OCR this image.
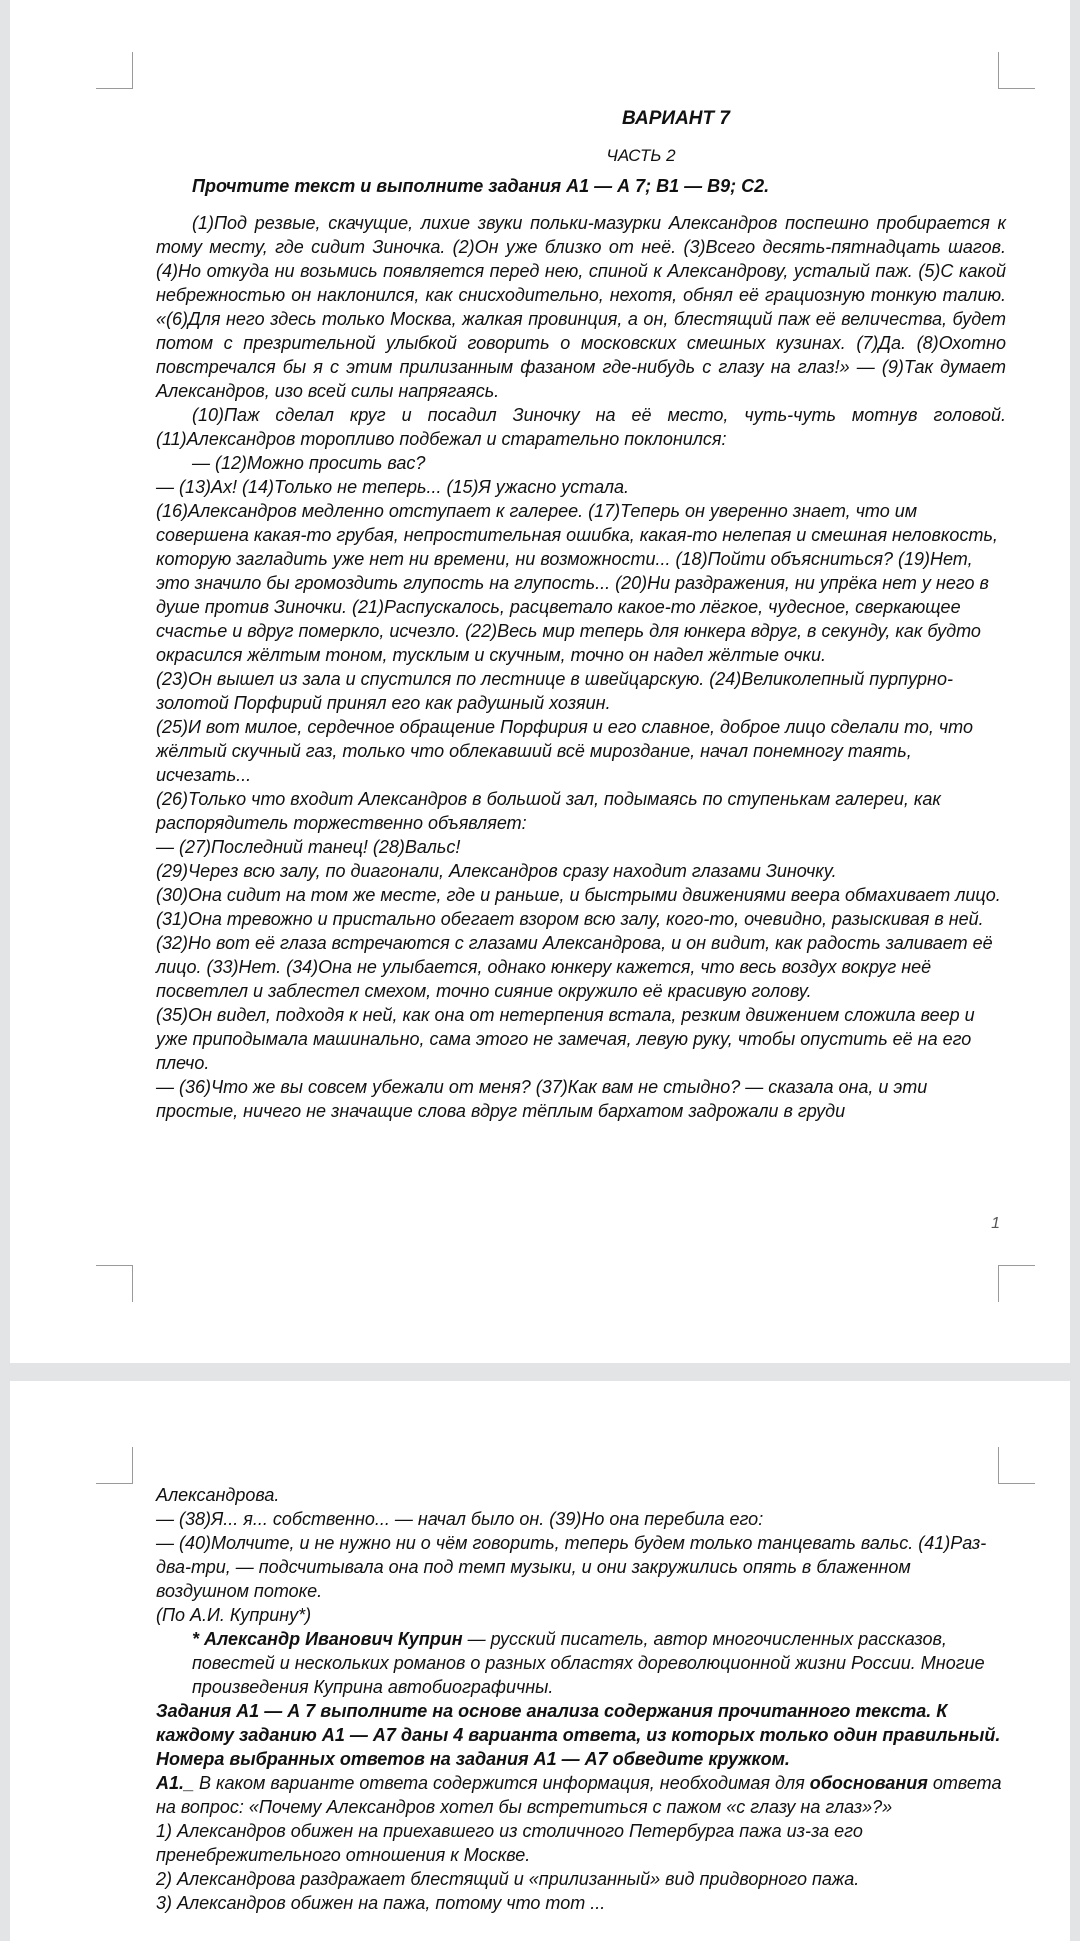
ВАРИАНТ 7
ЧАСТЬ 2
Прочтите текст и выполните задания А1 — А 7; В1 — В9; С2.

(1)Под резвые, скачущие, лихие звуки польки-мазурки Александров поспешно пробирается к тому месту, где сидит Зиночка. (2)Он уже близко от неё. (3)Всего десять-пятнадцать шагов. (4)Но откуда ни возьмись появляется перед нею, спиной к Александрову, усталый паж. (5)С какой небрежностью он наклонился, как снисходительно, нехотя, обнял её грациозную тонкую талию. «(6)Для него здесь только Москва, жалкая провинция, а он, блестящий паж её величества, будет потом с презрительной улыбкой говорить о московских смешных кузинах. (7)Да. (8)Охотно повстречался бы я с этим прилизанным фазаном где-нибудь с глазу на глаз!» — (9)Так думает Александров, изо всей силы напрягаясь.

(10)Паж сделал круг и посадил Зиночку на её место, чуть-чуть мотнув головой. (11)Александров торопливо подбежал и старательно поклонился:

— (12)Можно просить вас?

— (13)Ах! (14)Только не теперь... (15)Я ужасно устала.

(16)Александров медленно отступает к галерее. (17)Теперь он уверенно знает, что им совершена какая-то грубая, непростительная ошибка, какая-то нелепая и смешная неловкость, которую загладить уже нет ни времени, ни возможности... (18)Пойти объясниться? (19)Нет, это значило бы громоздить глупость на глупость... (20)Ни раздражения, ни упрёка нет у него в душе против Зиночки. (21)Распускалось, расцветало какое-то лёгкое, чудесное, сверкающее счастье и вдруг померкло, исчезло. (22)Весь мир теперь для юнкера вдруг, в секунду, как будто окрасился жёлтым тоном, тусклым и скучным, точно он надел жёлтые очки.

(23)Он вышел из зала и спустился по лестнице в швейцарскую. (24)Великолепный пурпурно-золотой Порфирий принял его как радушный хозяин.

(25)И вот милое, сердечное обращение Порфирия и его славное, доброе лицо сделали то, что жёлтый скучный газ, только что облекавший всё мироздание, начал понемногу таять, исчезать...

(26)Только что входит Александров в большой зал, подымаясь по ступенькам галереи, как распорядитель торжественно объявляет:

— (27)Последний танец! (28)Вальс!

(29)Через всю залу, по диагонали, Александров сразу находит глазами Зиночку.

(30)Она сидит на том же месте, где и раньше, и быстрыми движениями веера обмахивает лицо. (31)Она тревожно и пристально обегает взором всю залу, кого-то, очевидно, разыскивая в ней. (32)Но вот её глаза встречаются с глазами Александрова, и он видит, как радость заливает её лицо. (33)Нет. (34)Она не улыбается, однако юнкеру кажется, что весь воздух вокруг неё посветлел и заблестел смехом, точно сияние окружило её красивую голову.

(35)Он видел, подходя к ней, как она от нетерпения встала, резким движением сложила веер и уже приподымала машинально, сама этого не замечая, левую руку, чтобы опустить её на его плечо.

— (36)Что же вы совсем убежали от меня? (37)Как вам не стыдно? — сказала она, и эти простые, ничего не значащие слова вдруг тёплым бархатом задрожали в груди

1

Александрова.

— (38)Я... я... собственно... — начал было он. (39)Но она перебила его:

— (40)Молчите, и не нужно ни о чём говорить, теперь будем только танцевать вальс. (41)Раз-два-три, — подсчитывала она под темп музыки, и они закружились опять в блаженном воздушном потоке.

(По А.И. Куприну*)

* Александр Иванович Куприн — русский писатель, автор многочисленных рассказов, повестей и нескольких романов о разных областях дореволюционной жизни России. Многие произведения Куприна автобиографичны.

Задания А1 — А 7 выполните на основе анализа содержания прочитанного текста. К каждому заданию А1 — А7 даны 4 варианта ответа, из которых только один правильный. Номера выбранных ответов на задания А1 — А7 обведите кружком.

А1._ В каком варианте ответа содержится информация, необходимая для обоснования ответа на вопрос: «Почему Александров хотел бы встретиться с пажом «с глазу на глаз»?»

1) Александров обижен на приехавшего из столичного Петербурга пажа из-за его пренебрежительного отношения к Москве.

2) Александрова раздражает блестящий и «прилизанный» вид придворного пажа.

3) Александров обижен на пажа, потому что тот ...
